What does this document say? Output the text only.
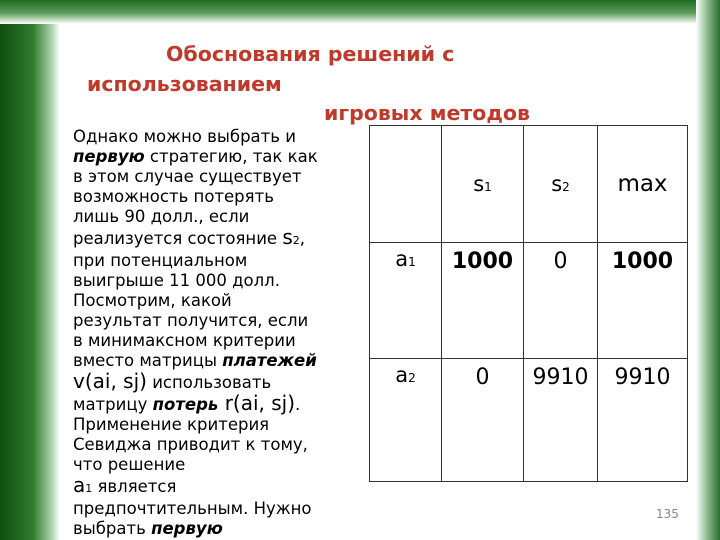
Обоснования решений с
использованием
игровых методов
Однако можно выбрать и
первую стратегию, так как
в этом случае существует
возможность потерять
лишь 90 долл., если
реализуется состояние s2,
при потенциальном
выигрыше 11 000 долл.
Посмотрим, какой
результат получится, если
в минимаксном критерии
вместо матрицы платежей
v(ai, sj) использовать
матрицу потерь r(ai, sj).
Применение критерия
Севиджа приводит к тому,
что решение
a1 является
предпочтительным. Нужно
выбрать первую
	s1	s2	max
a1	1000	0	1000
a2	0	9910	9910
135
